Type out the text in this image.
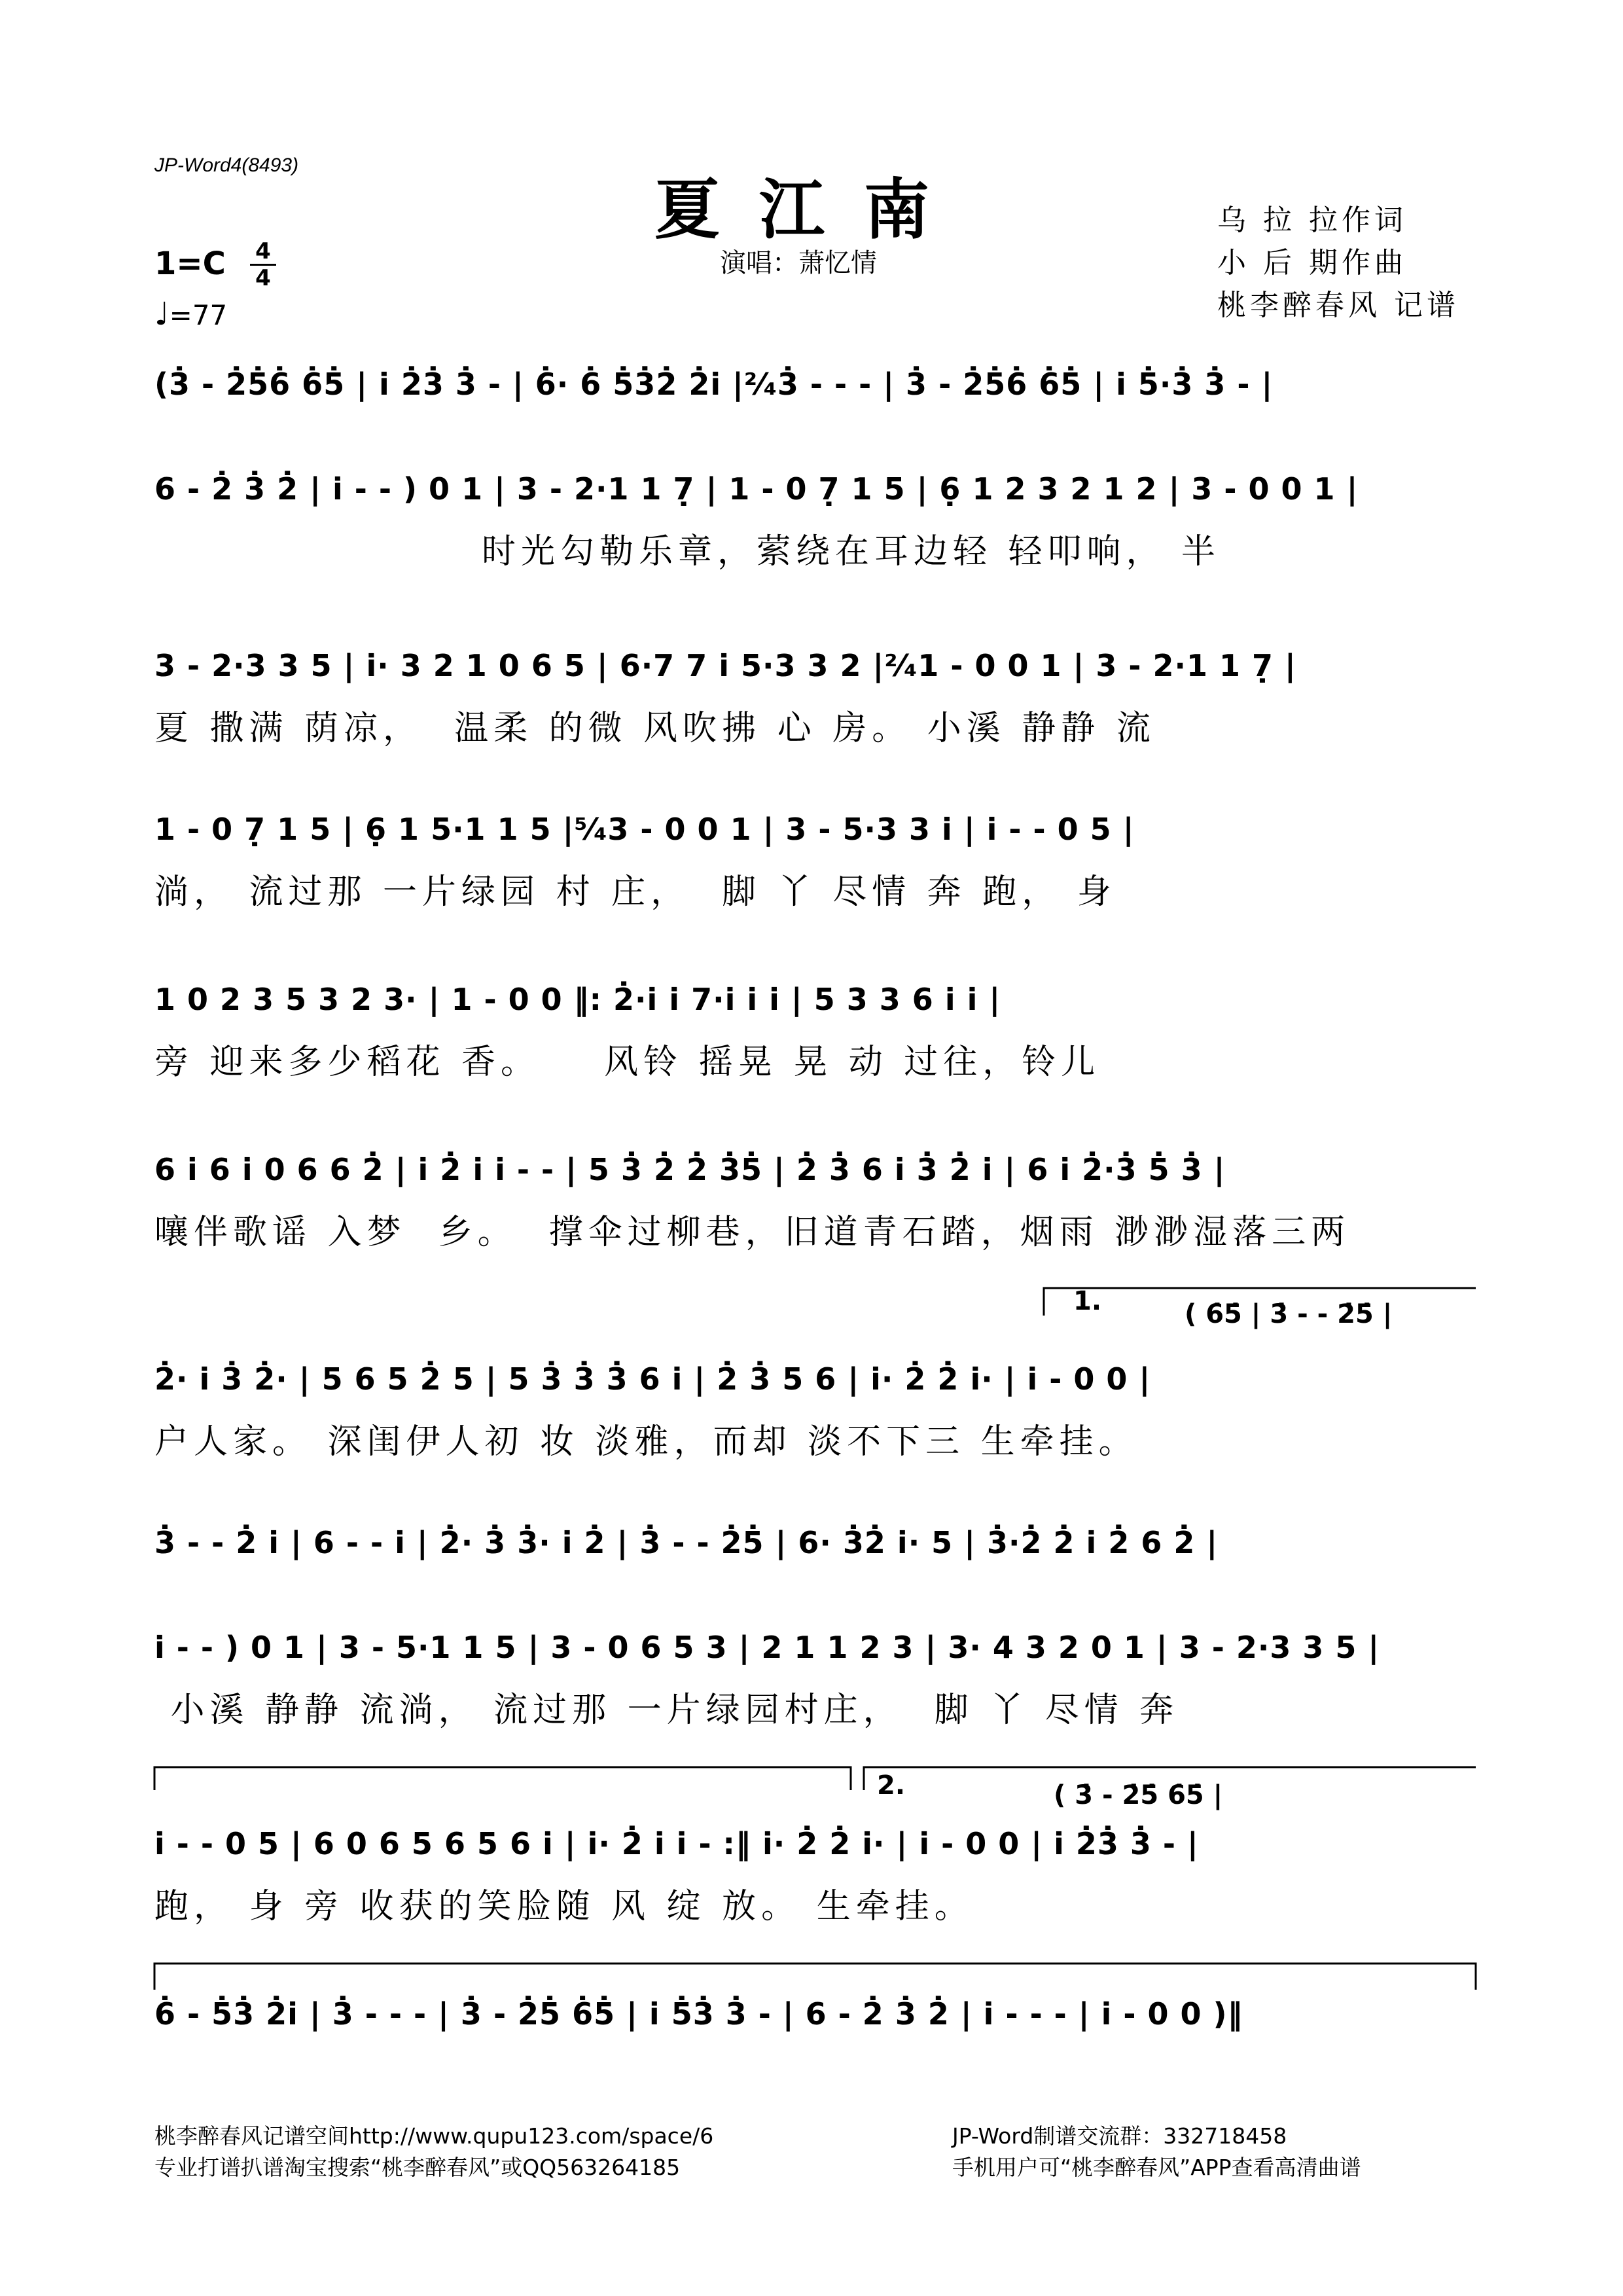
JP-Word4(8493)
夏江南
演唱：萧忆情
乌 拉 拉作词
小 后 期作曲
桃李醉春风 记谱
1=C 4
4
♩=77
(3̇ - 2̇5̇6̇ 6̇5̇ | i̇ 2̇3̇ 3̇ - | 6̇· 6̇ 5̇3̇2̇ 2̇i̇ |²⁄₄3̇ - - - | 3̇ - 2̇5̇6̇ 6̇5̇ | i̇ 5̇·3̇ 3̇ - |
6 - 2̇ 3̇ 2̇ | i̇ - - ) 0 1 | 3 - 2·1 1 7̣ | 1 - 0 7̣ 1 5 | 6̣ 1 2 3 2 1 2 | 3 - 0 0 1 |
时光勾勒乐章，萦绕在耳边轻 轻叩响， 半
3 - 2·3 3 5 | i̇· 3 2 1 0 6 5 | 6·7 7 i̇ 5·3 3 2 |²⁄₄1 - 0 0 1 | 3 - 2·1 1 7̣ |
夏 撒满 荫凉，  温柔 的微 风吹拂 心 房。 小溪 静静 流
1 - 0 7̣ 1 5 | 6̣ 1 5·1 1 5 |⁵⁄₄3 - 0 0 1 | 3 - 5·3 3 i̇ | i̇ - - 0 5 |
淌， 流过那 一片绿园 村 庄，  脚 丫 尽情 奔 跑， 身
1 0 2 3 5 3 2 3· | 1 - 0 0 ‖: 2̇·i̇ i̇ 7·i̇ i̇ i̇ | 5 3 3 6 i̇ i̇ |
旁 迎来多少稻花 香。    风铃 摇晃 晃 动 过往，铃儿
6 i̇ 6 i̇ 0 6 6 2̇ | i̇ 2̇ i̇ i̇ - - | 5 3̇ 2̇ 2̇ 3̇5̇ | 2̇ 3̇ 6 i̇ 3̇ 2̇ i̇ | 6 i̇ 2̇·3̇ 5̇ 3̇ |
嚷伴歌谣 入梦  乡。  撑伞过柳巷，旧道青石踏，烟雨 渺渺湿落三两
1.	( 6̇5̇ | 3̇ - - 2̇5̇ |
2̇· i̇ 3̇ 2̇· | 5 6 5 2̇ 5 | 5 3̇ 3̇ 3̇ 6 i̇ | 2̇ 3̇ 5 6 | i̇· 2̇ 2̇ i̇· | i̇ - 0 0 |
户人家。 深闺伊人初 妆 淡雅，而却 淡不下三 生牵挂。
3̇ - - 2̇ i̇ | 6 - - i̇ | 2̇· 3̇ 3̇· i̇ 2̇ | 3̇ - - 2̇5̇ | 6· 3̇2̇ i̇· 5 | 3̇·2̇ 2̇ i̇ 2̇ 6 2̇ |
i̇ - - ) 0 1 | 3 - 5·1 1 5 | 3 - 0 6 5 3 | 2 1 1 2 3 | 3· 4 3 2 0 1 | 3 - 2·3 3 5 |
小溪 静静 流淌， 流过那 一片绿园村庄，  脚 丫 尽情 奔
2.	( 3̇ - 2̇5̇ 6̇5̇ |
i̇ - - 0 5 | 6 0 6 5 6 5 6 i̇ | i̇· 2̇ i̇ i̇ - :‖ i̇· 2̇ 2̇ i̇· | i̇ - 0 0 | i̇ 2̇3̇ 3̇ - |
跑， 身 旁 收获的笑脸随 风 绽 放。 生牵挂。
6̇ - 5̇3̇ 2̇i̇ | 3̇ - - - | 3̇ - 2̇5̇ 6̇5̇ | i̇ 5̇3̇ 3̇ - | 6 - 2̇ 3̇ 2̇ | i̇ - - - | i̇ - 0 0 )‖
桃李醉春风记谱空间http://www.qupu123.com/space/6
专业打谱扒谱淘宝搜索“桃李醉春风”或QQ563264185
JP-Word制谱交流群：332718458
手机用户可“桃李醉春风”APP查看高清曲谱
